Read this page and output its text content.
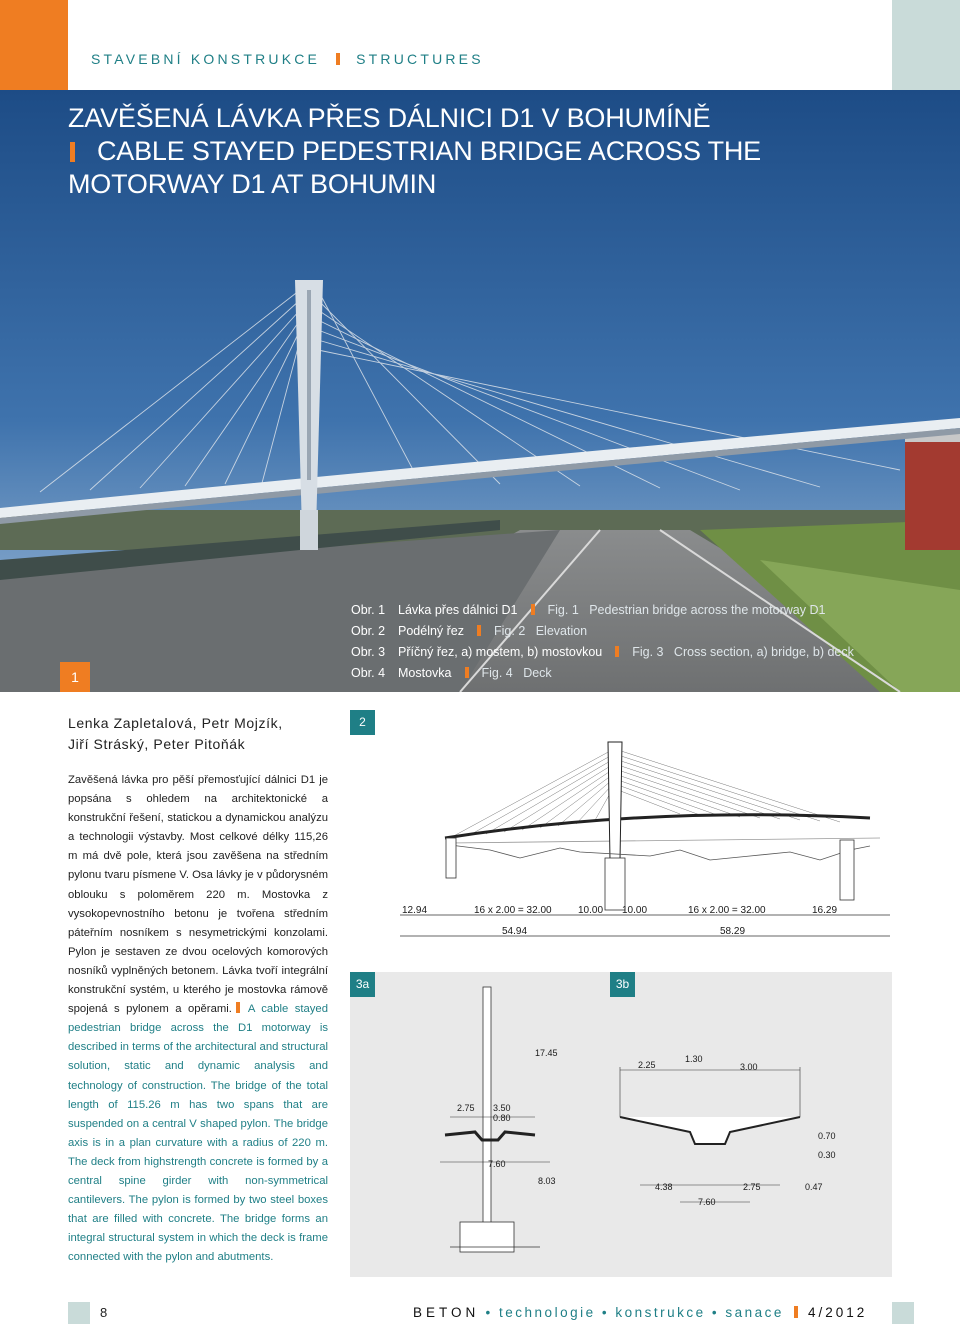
STAVEBNÍ KONSTRUKCE	STRUCTURES
ZAVĚŠENÁ LÁVKA PŘES DÁLNICI D1 V BOHUMÍNĚ
CABLE STAYED PEDESTRIAN BRIDGE ACROSS THE MOTORWAY D1 AT BOHUMIN
1
Obr. 1 Lávka přes dálnici D1 Fig. 1 Pedestrian bridge across the motorway D1
Obr. 2 Podélný řez Fig. 2 Elevation
Obr. 3 Příčný řez, a) mostem, b) mostovkou Fig. 3 Cross section, a) bridge, b) deck
Obr. 4 Mostovka Fig. 4 Deck
Lenka Zapletalová, Petr Mojzík,
Jiří Stráský, Peter Pitoňák
Zavěšená lávka pro pěší přemosťující dálnici D1 je popsána s ohledem na architektonické a konstrukční řešení, statickou a dynamickou analýzu a technologii výstavby. Most celkové délky 115,26 m má dvě pole, která jsou zavěšena na středním pylonu tvaru písmene V. Osa lávky je v půdorysném oblouku s poloměrem 220 m. Mostovka z vysokopevnostního betonu je tvořena středním páteřním nosníkem s nesymetrickými konzolami. Pylon je sestaven ze dvou ocelových komorových nosníků vyplněných betonem. Lávka tvoří integrální konstrukční systém, u kterého je mostovka rámově spojená s pylonem a opěrami. A cable stayed pedestrian bridge across the D1 motorway is described in terms of the architectural and structural solution, static and dynamic analysis and technology of construction. The bridge of the total length of 115.26 m has two spans that are suspended on a central V shaped pylon. The bridge axis is in a plan curvature with a radius of 220 m. The deck from highstrength concrete is formed by a central spine girder with non-symmetrical cantilevers. The pylon is formed by two steel boxes that are filled with concrete. The bridge forms an integral structural system in which the deck is frame connected with the pylon and abutments.
2
12.94	16 x 2.00 = 32.00	10.00 10.00	16 x 2.00 = 32.00	16.29
54.94	58.29
3a	3b
17.45
2.75 3.50
0.80
7.60
8.03
1.30
2.25	3.00
0.70
0.30
4.38	2.75	0.47
7.60
8	BETON • technologie • konstrukce • sanace 4/2012
